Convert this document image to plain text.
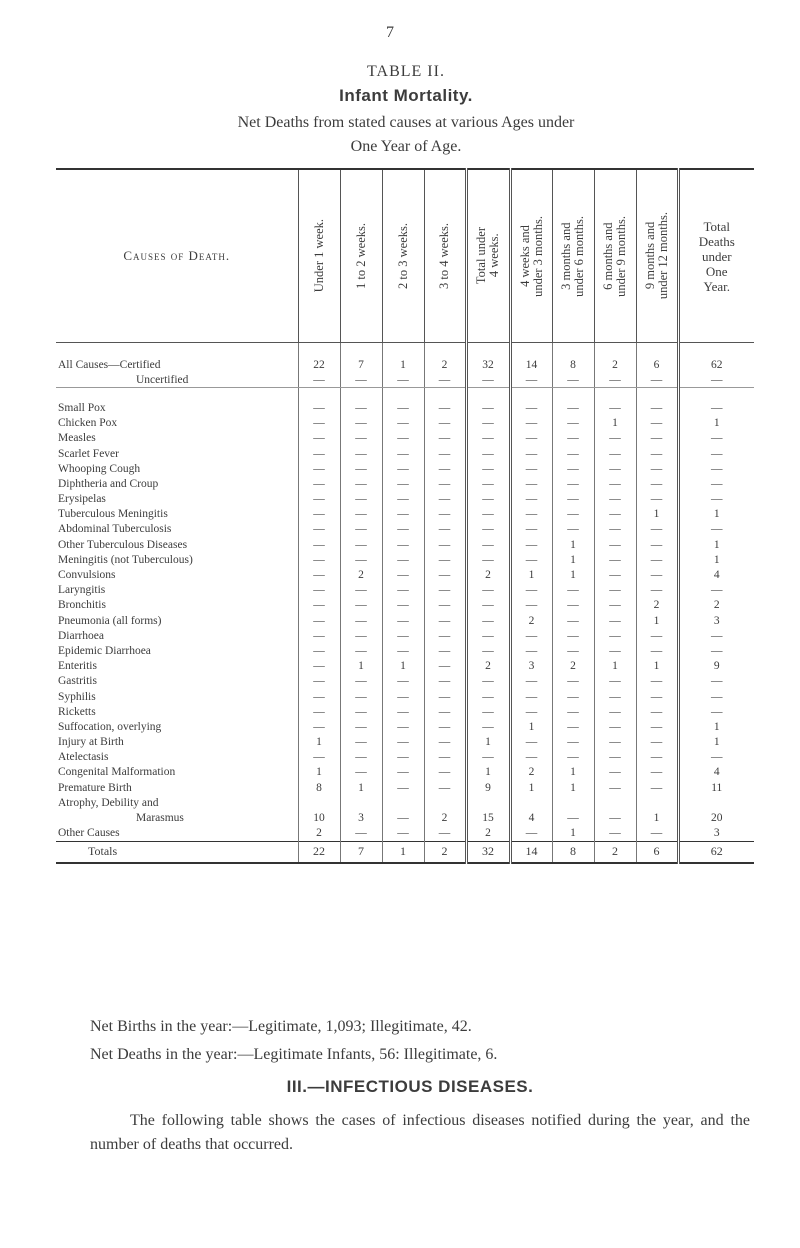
7
TABLE II.
Infant Mortality.
Net Deaths from stated causes at various Ages under
One Year of Age.
Causes of Death.	Under 1 week.	1 to 2 weeks.	2 to 3 weeks.	3 to 4 weeks.	Total under
4 weeks.	4 weeks and
under 3 months.	3 months and
under 6 months.	6 months and
under 9 months.	9 months and
under 12 months.	Total
Deaths
under
One
Year.

All Causes—Certified	22	7	1	2	32	14	8	2	6	62
Uncertified	—	—	—	—	—	—	—	—	—	—

Small Pox	—	—	—	—	—	—	—	—	—	—
Chicken Pox	—	—	—	—	—	—	—	1	—	1
Measles	—	—	—	—	—	—	—	—	—	—
Scarlet Fever	—	—	—	—	—	—	—	—	—	—
Whooping Cough	—	—	—	—	—	—	—	—	—	—
Diphtheria and Croup	—	—	—	—	—	—	—	—	—	—
Erysipelas	—	—	—	—	—	—	—	—	—	—
Tuberculous Meningitis	—	—	—	—	—	—	—	—	1	1
Abdominal Tuberculosis	—	—	—	—	—	—	—	—	—	—
Other Tuberculous Diseases	—	—	—	—	—	—	1	—	—	1
Meningitis (not Tuberculous)	—	—	—	—	—	—	1	—	—	1
Convulsions	—	2	—	—	2	1	1	—	—	4
Laryngitis	—	—	—	—	—	—	—	—	—	—
Bronchitis	—	—	—	—	—	—	—	—	2	2
Pneumonia (all forms)	—	—	—	—	—	2	—	—	1	3
Diarrhoea	—	—	—	—	—	—	—	—	—	—
Epidemic Diarrhoea	—	—	—	—	—	—	—	—	—	—
Enteritis	—	1	1	—	2	3	2	1	1	9
Gastritis	—	—	—	—	—	—	—	—	—	—
Syphilis	—	—	—	—	—	—	—	—	—	—
Ricketts	—	—	—	—	—	—	—	—	—	—
Suffocation, overlying	—	—	—	—	—	1	—	—	—	1
Injury at Birth	1	—	—	—	1	—	—	—	—	1
Atelectasis	—	—	—	—	—	—	—	—	—	—
Congenital Malformation	1	—	—	—	1	2	1	—	—	4
Premature Birth	8	1	—	—	9	1	1	—	—	11
Atrophy, Debility and										
Marasmus	10	3	—	2	15	4	—	—	1	20
Other Causes	2	—	—	—	2	—	1	—	—	3
Totals	22	7	1	2	32	14	8	2	6	62
Net Births in the year:—Legitimate, 1,093; Illegitimate, 42.
Net Deaths in the year:—Legitimate Infants, 56: Illegitimate, 6.
III.—INFECTIOUS DISEASES.
The following table shows the cases of infectious diseases notified during the year, and the number of deaths that occurred.
